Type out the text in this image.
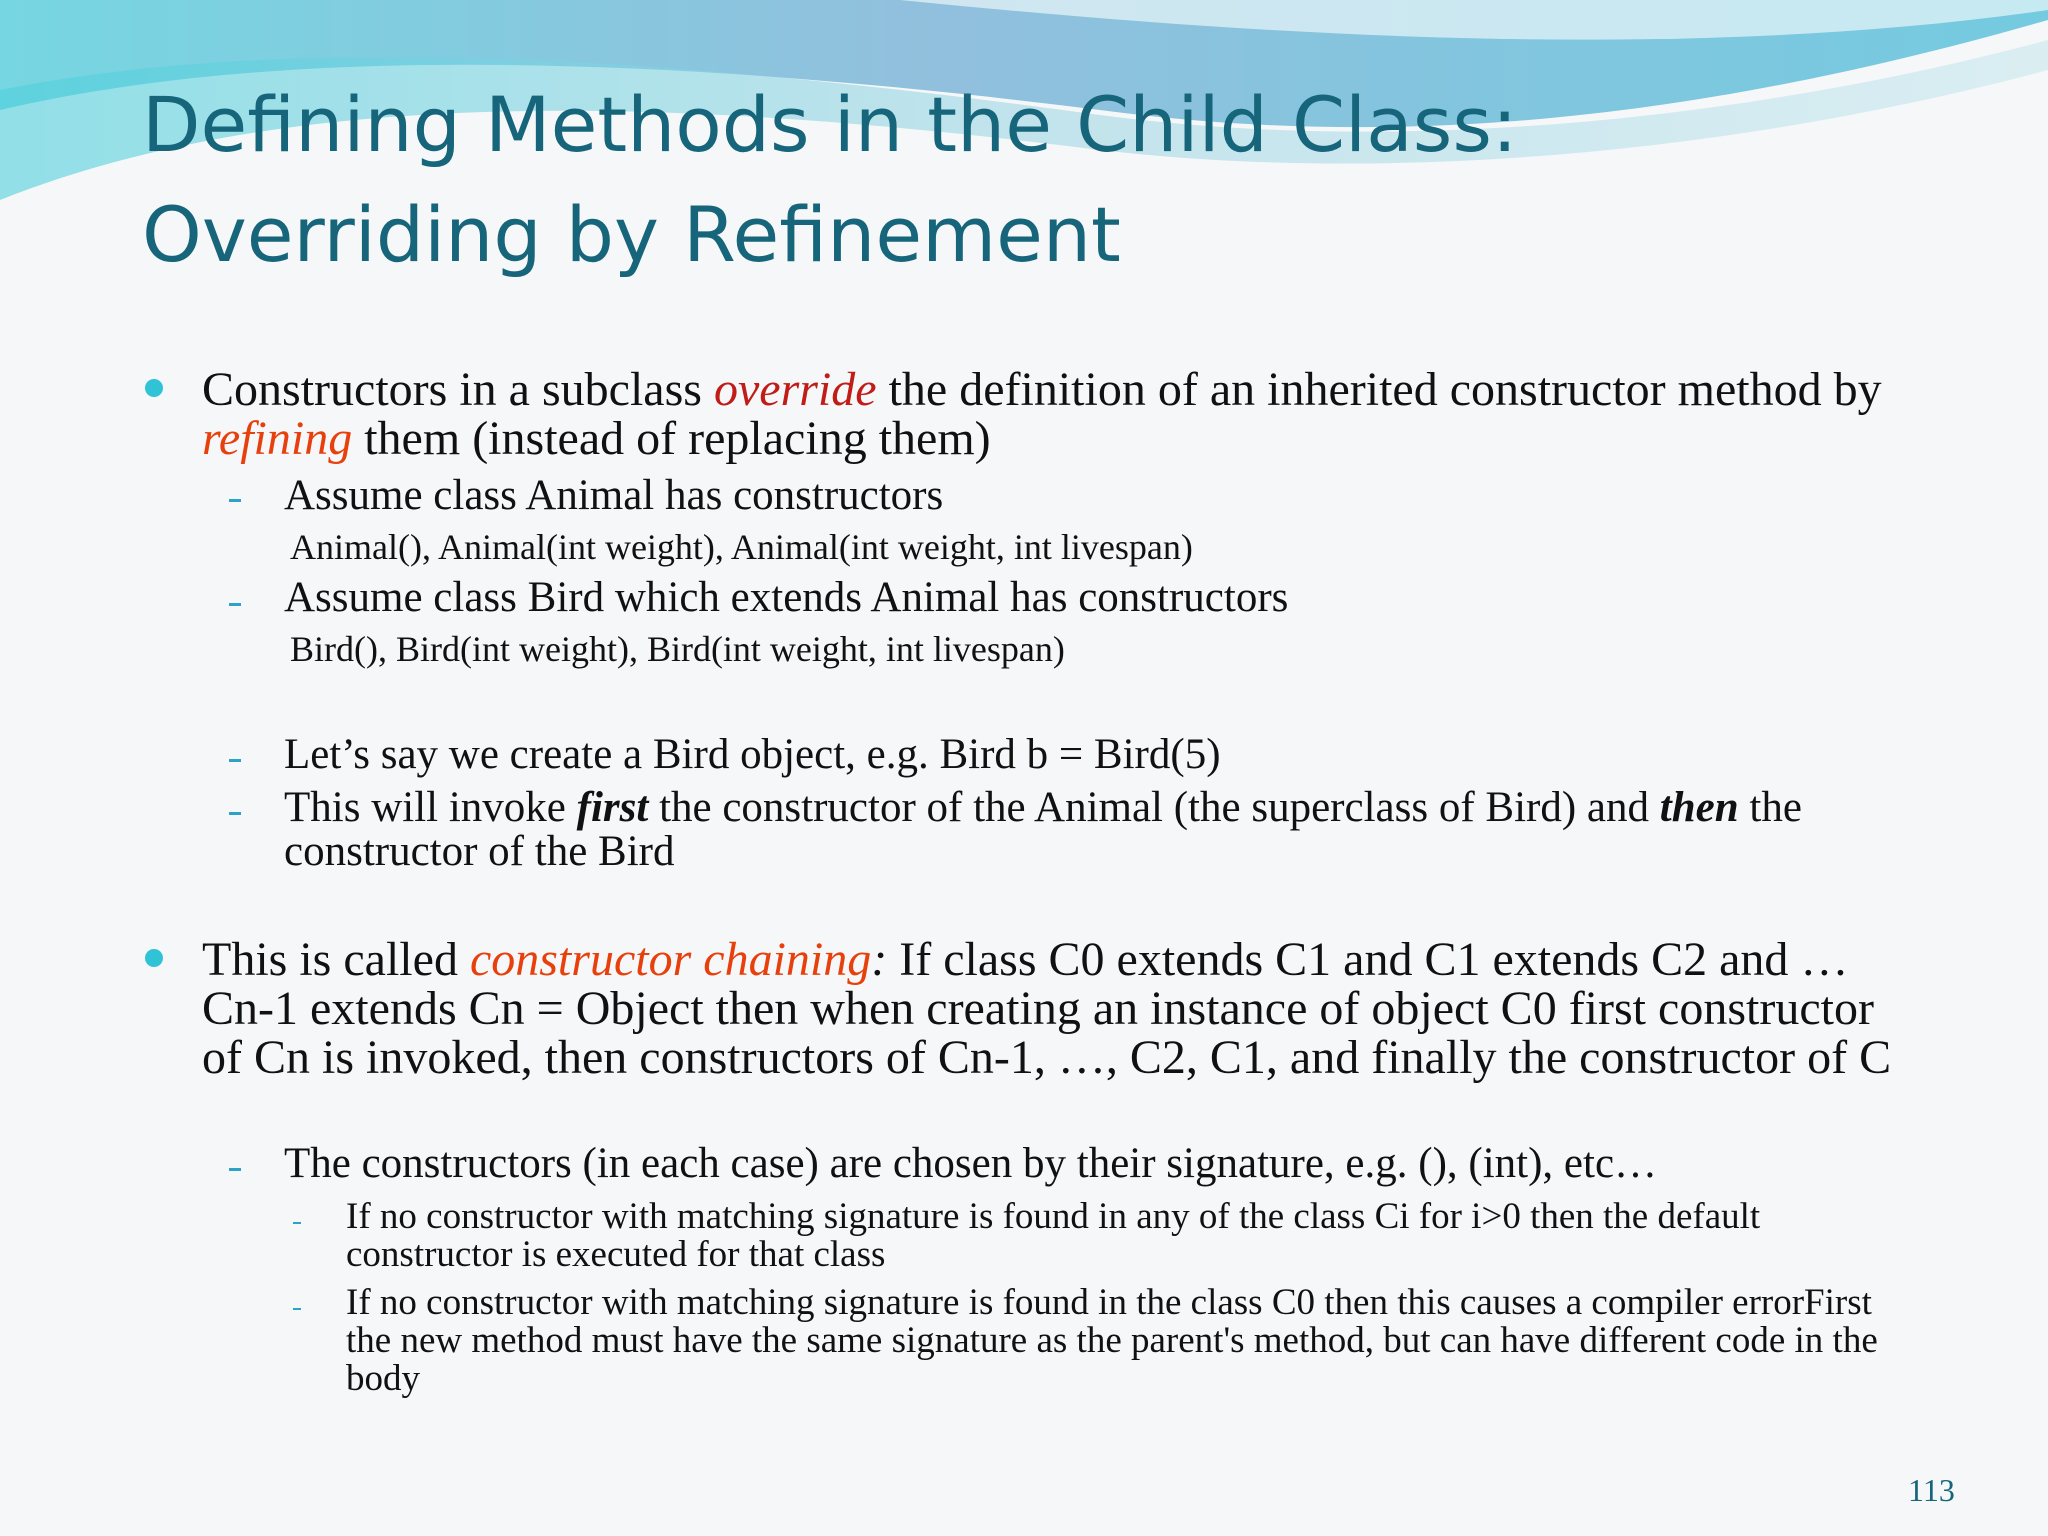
Defining Methods in the Child Class:
Overriding by Refinement

Constructors in a subclass override the definition of an inherited constructor method by refining them (instead of replacing them)

Assume class Animal has constructors

Animal(), Animal(int weight), Animal(int weight, int livespan)

Assume class Bird which extends Animal has constructors

Bird(), Bird(int weight), Bird(int weight, int livespan)

Let’s say we create a Bird object, e.g. Bird b = Bird(5)

This will invoke first the constructor of the Animal (the superclass of Bird) and then the constructor of the Bird

This is called constructor chaining: If class C0 extends C1 and C1 extends C2 and … Cn-1 extends Cn = Object then when creating an instance of object C0 first constructor of Cn is invoked, then constructors of Cn-1, …, C2, C1, and finally the constructor of C

The constructors (in each case) are chosen by their signature, e.g. (), (int), etc…

If no constructor with matching signature is found in any of the class Ci for i>0 then the default constructor is executed for that class

If no constructor with matching signature is found in the class C0 then this causes a compiler errorFirst the new method must have the same signature as the parent's method, but can have different code in the body

113
